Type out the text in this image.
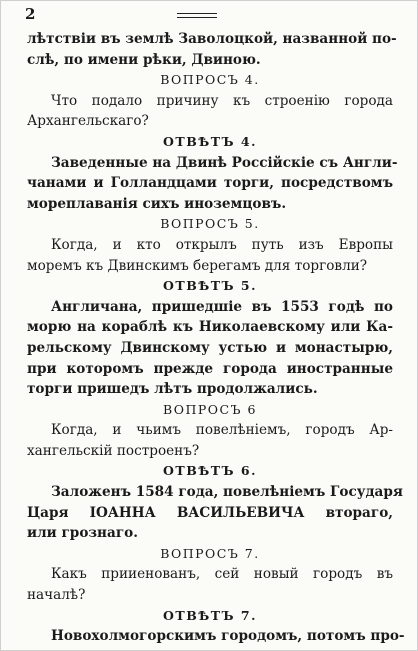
2
лѣтствіи въ землѣ Заволоцкой, названной по-
слѣ, по имени рѣки, Двиною.
ВОПРОСЪ 4.
Что подало причину къ строенію города
Архангельскаго?
ОТВѢТЪ 4.
Заведенные на Двинѣ Россійскіе съ Англи-
чанами и Голландцами торги, посредствомъ
мореплаванія сихъ иноземцовъ.
ВОПРОСЪ 5.
Когда, и кто открылъ путь изъ Европы
моремъ къ Двинскимъ берегамъ для торговли?
ОТВѢТЪ 5.
Англичана, пришедшіе въ 1553 годѣ по
морю на кораблѣ къ Николаевскому или Ка-
рельскому Двинскому устью и монастырю,
при которомъ прежде города иностранные
торги пришедъ лѣтъ продолжались.
ВОПРОСЪ 6
Когда, и чьимъ повелѣніемъ, городъ Ар-
хангельскій построенъ?
ОТВѢТЪ 6.
Заложенъ 1584 года, повелѣніемъ Государя
Царя ІОАННА ВАСИЛЬЕВИЧА втораго,
или грознаго.
ВОПРОСЪ 7.
Какъ прииенованъ, сей новый городъ въ
началѣ?
ОТВѢТЪ 7.
Новохолмогорскимъ городомъ, потомъ про-
